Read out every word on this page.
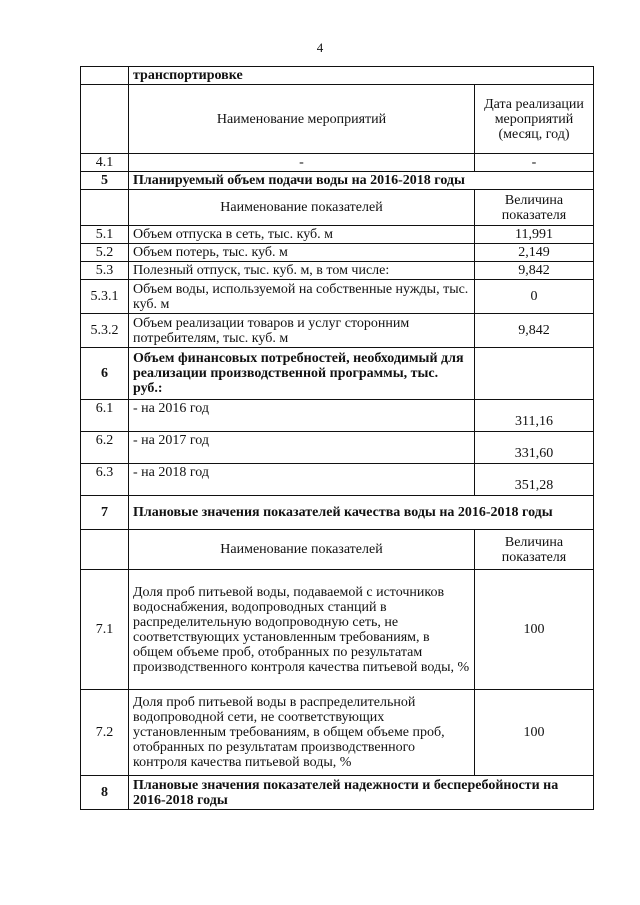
4
	транспортировке	
	Наименование мероприятий	Дата реализации мероприятий (месяц, год)
4.1	-	-
5	Планируемый объем подачи воды на 2016-2018 годы	
	Наименование показателей	Величина показателя
5.1	Объем отпуска в сеть, тыс. куб. м	11,991
5.2	Объем потерь, тыс. куб. м	2,149
5.3	Полезный отпуск, тыс. куб. м, в том числе:	9,842
5.3.1	Объем воды, используемой на собственные нужды, тыс. куб. м	0
5.3.2	Объем реализации товаров и услуг сторонним потребителям, тыс. куб. м	9,842
6	Объем финансовых потребностей, необходимый для реализации производственной программы, тыс. руб.:	
6.1	- на 2016 год	311,16
6.2	- на 2017 год	331,60
6.3	- на 2018 год	351,28
7	Плановые значения показателей качества воды на 2016-2018 годы	
	Наименование показателей	Величина показателя
7.1	Доля проб питьевой воды, подаваемой с источников водоснабжения, водопроводных станций в распределительную водопроводную сеть, не соответствующих установленным требованиям, в общем объеме проб, отобранных по результатам производственного контроля качества питьевой воды, %	100
7.2	Доля проб питьевой воды в распределительной водопроводной сети, не соответствующих установленным требованиям, в общем объеме проб, отобранных по результатам производственного контроля качества питьевой воды, %	100
8	Плановые значения показателей надежности и бесперебойности на 2016-2018 годы	
